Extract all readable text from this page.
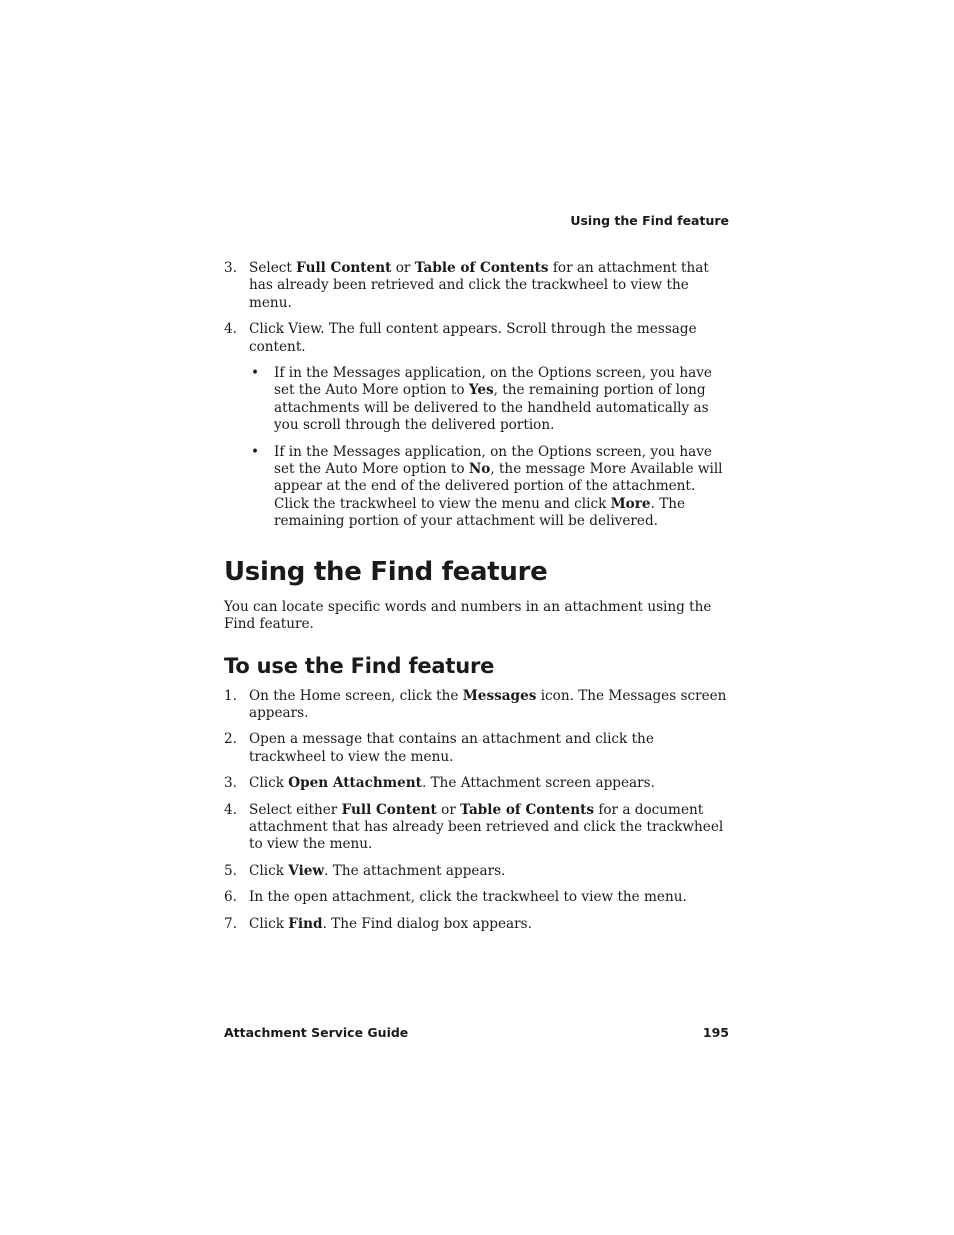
Using the Find feature
3. Select Full Content or Table of Contents for an attachment that has already been retrieved and click the trackwheel to view the menu.
4. Click View. The full content appears. Scroll through the message content.
• If in the Messages application, on the Options screen, you have set the Auto More option to Yes, the remaining portion of long attachments will be delivered to the handheld automatically as you scroll through the delivered portion.
• If in the Messages application, on the Options screen, you have set the Auto More option to No, the message More Available will appear at the end of the delivered portion of the attachment. Click the trackwheel to view the menu and click More. The remaining portion of your attachment will be delivered.
Using the Find feature

You can locate specific words and numbers in an attachment using the Find feature.

To use the Find feature
1. On the Home screen, click the Messages icon. The Messages screen appears.
2. Open a message that contains an attachment and click the trackwheel to view the menu.
3. Click Open Attachment. The Attachment screen appears.
4. Select either Full Content or Table of Contents for a document attachment that has already been retrieved and click the trackwheel to view the menu.
5. Click View. The attachment appears.
6. In the open attachment, click the trackwheel to view the menu.
7. Click Find. The Find dialog box appears.
Attachment Service Guide	195
